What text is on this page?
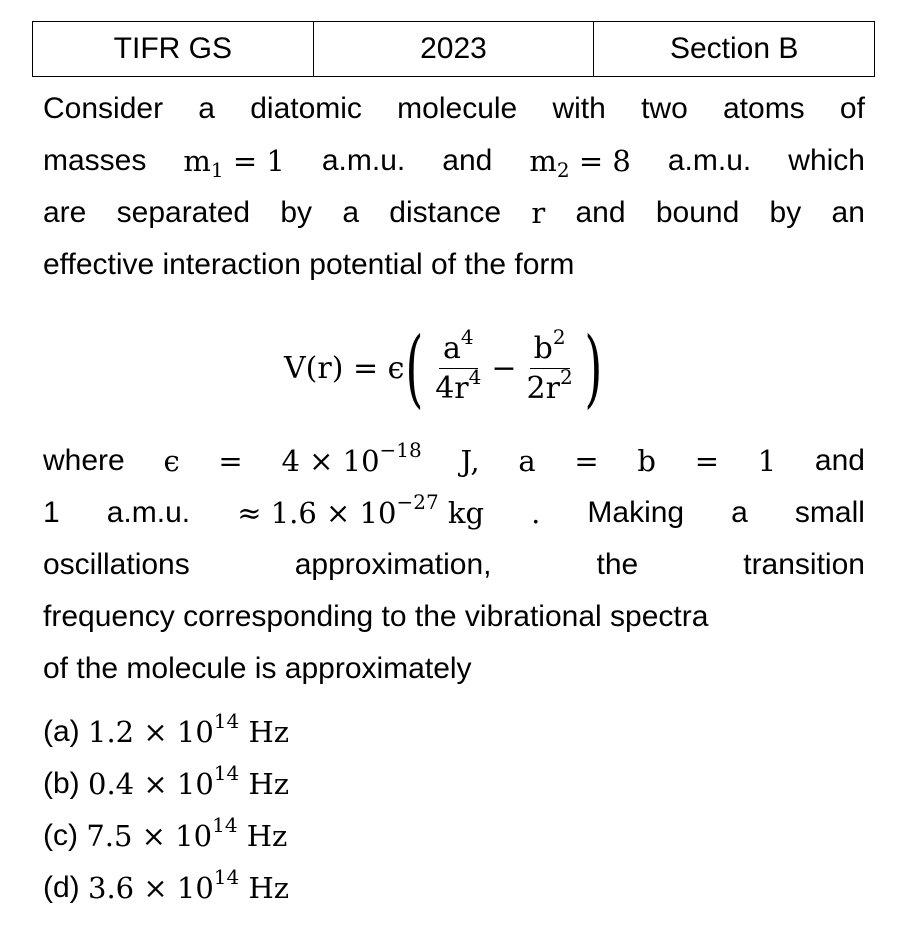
TIFR GS	2023	Section B
Consider a diatomic molecule with two atoms of
masses $m_1 = 1$ a.m.u. and $m_2 = 8$ a.m.u. which
are separated by a distance r and bound by an
effective interaction potential of the form
V(r) = ϵ ( $\frac{a^4}{4r^4} - \frac{b^2}{2r^2}$ )
where $\epsilon = 4 \times 10^{-18}$ J, a = b = 1 and
1 a.m.u. ≈ $1.6 \times 10^{-27}$ kg . Making a small
oscillations	approximation,	the	transition
frequency corresponding to the vibrational spectra
of the molecule is approximately
(a)
$1.2 \times 10^{14}$ Hz
(b)
$0.4 \times 10^{14}$ Hz
(c)
$7.5 \times 10^{14}$ Hz
(d)
$3.6 \times 10^{14}$ Hz
